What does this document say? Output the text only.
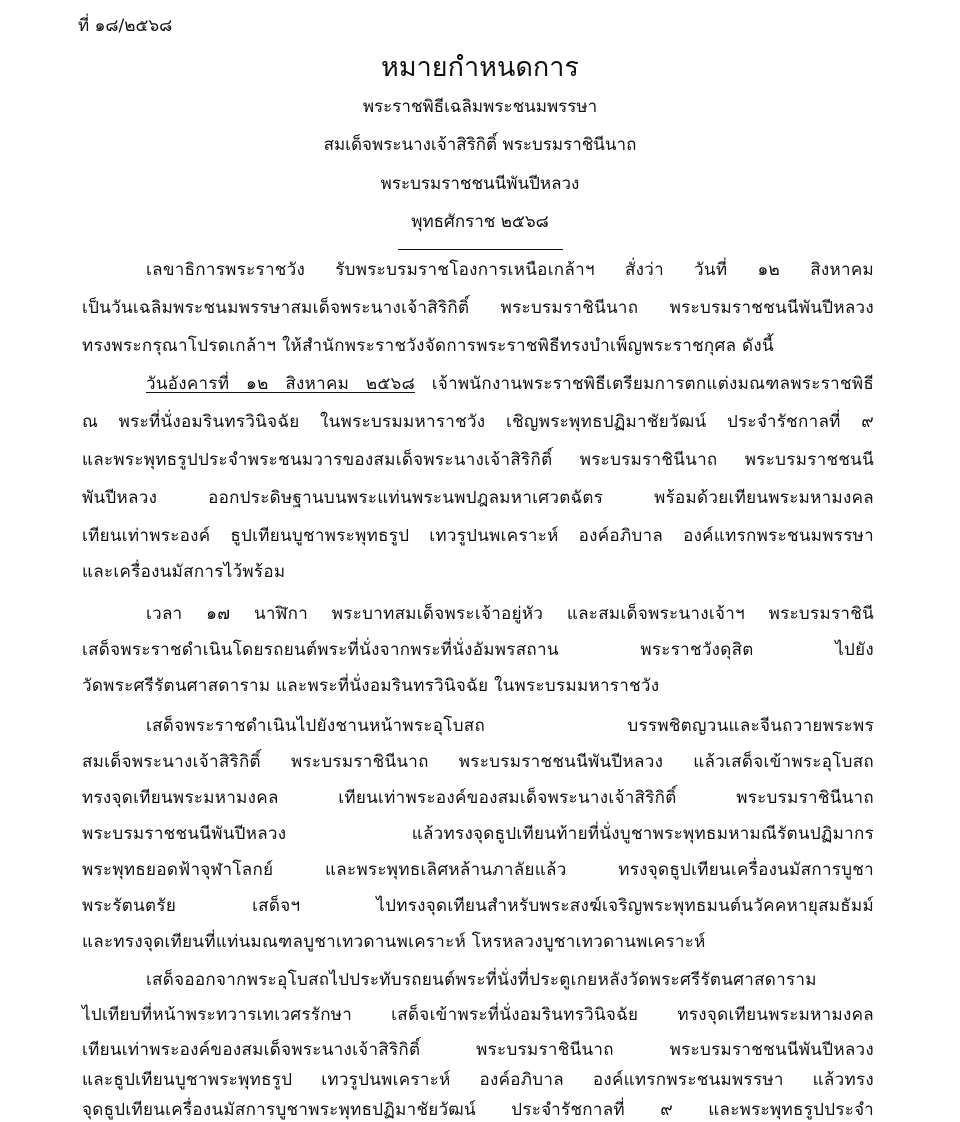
ที่ ๑๘/๒๕๖๘
หมายกำหนดการ
พระราชพิธีเฉลิมพระชนมพรรษา
สมเด็จพระนางเจ้าสิริกิติ์ พระบรมราชินีนาถ
พระบรมราชชนนีพันปีหลวง
พุทธศักราช ๒๕๖๘
เลขาธิการพระราชวัง รับพระบรมราชโองการเหนือเกล้าฯ สั่งว่า วันที่ ๑๒ สิงหาคม
เป็นวันเฉลิมพระชนมพรรษาสมเด็จพระนางเจ้าสิริกิติ์ พระบรมราชินีนาถ พระบรมราชชนนีพันปีหลวง
ทรงพระกรุณาโปรดเกล้าฯ ให้สำนักพระราชวังจัดการพระราชพิธีทรงบำเพ็ญพระราชกุศล ดังนี้
วันอังคารที่ ๑๒ สิงหาคม ๒๕๖๘ เจ้าพนักงานพระราชพิธีเตรียมการตกแต่งมณฑลพระราชพิธี
ณ พระที่นั่งอมรินทรวินิจฉัย ในพระบรมมหาราชวัง เชิญพระพุทธปฏิมาชัยวัฒน์ ประจำรัชกาลที่ ๙
และพระพุทธรูปประจำพระชนมวารของสมเด็จพระนางเจ้าสิริกิติ์ พระบรมราชินีนาถ พระบรมราชชนนี
พันปีหลวง ออกประดิษฐานบนพระแท่นพระนพปฎลมหาเศวตฉัตร พร้อมด้วยเทียนพระมหามงคล
เทียนเท่าพระองค์ ธูปเทียนบูชาพระพุทธรูป เทวรูปนพเคราะห์ องค์อภิบาล องค์แทรกพระชนมพรรษา
และเครื่องนมัสการไว้พร้อม
เวลา ๑๗ นาฬิกา พระบาทสมเด็จพระเจ้าอยู่หัว และสมเด็จพระนางเจ้าฯ พระบรมราชินี
เสด็จพระราชดำเนินโดยรถยนต์พระที่นั่งจากพระที่นั่งอัมพรสถาน พระราชวังดุสิต ไปยัง
วัดพระศรีรัตนศาสดาราม และพระที่นั่งอมรินทรวินิจฉัย ในพระบรมมหาราชวัง
เสด็จพระราชดำเนินไปยังชานหน้าพระอุโบสถ บรรพชิตญวนและจีนถวายพระพร
สมเด็จพระนางเจ้าสิริกิติ์ พระบรมราชินีนาถ พระบรมราชชนนีพันปีหลวง แล้วเสด็จเข้าพระอุโบสถ
ทรงจุดเทียนพระมหามงคล เทียนเท่าพระองค์ของสมเด็จพระนางเจ้าสิริกิติ์ พระบรมราชินีนาถ
พระบรมราชชนนีพันปีหลวง แล้วทรงจุดธูปเทียนท้ายที่นั่งบูชาพระพุทธมหามณีรัตนปฏิมากร
พระพุทธยอดฟ้าจุฬาโลกย์ และพระพุทธเลิศหล้านภาลัยแล้ว ทรงจุดธูปเทียนเครื่องนมัสการบูชา
พระรัตนตรัย เสด็จฯ ไปทรงจุดเทียนสำหรับพระสงฆ์เจริญพระพุทธมนต์นวัคคหายุสมธัมม์
และทรงจุดเทียนที่แท่นมณฑลบูชาเทวดานพเคราะห์ โหรหลวงบูชาเทวดานพเคราะห์
เสด็จออกจากพระอุโบสถไปประทับรถยนต์พระที่นั่งที่ประตูเกยหลังวัดพระศรีรัตนศาสดาราม
ไปเทียบที่หน้าพระทวารเทเวศรรักษา เสด็จเข้าพระที่นั่งอมรินทรวินิจฉัย ทรงจุดเทียนพระมหามงคล
เทียนเท่าพระองค์ของสมเด็จพระนางเจ้าสิริกิติ์ พระบรมราชินีนาถ พระบรมราชชนนีพันปีหลวง
และธูปเทียนบูชาพระพุทธรูป เทวรูปนพเคราะห์ องค์อภิบาล องค์แทรกพระชนมพรรษา แล้วทรง
จุดธูปเทียนเครื่องนมัสการบูชาพระพุทธปฏิมาชัยวัฒน์ ประจำรัชกาลที่ ๙ และพระพุทธรูปประจำ
